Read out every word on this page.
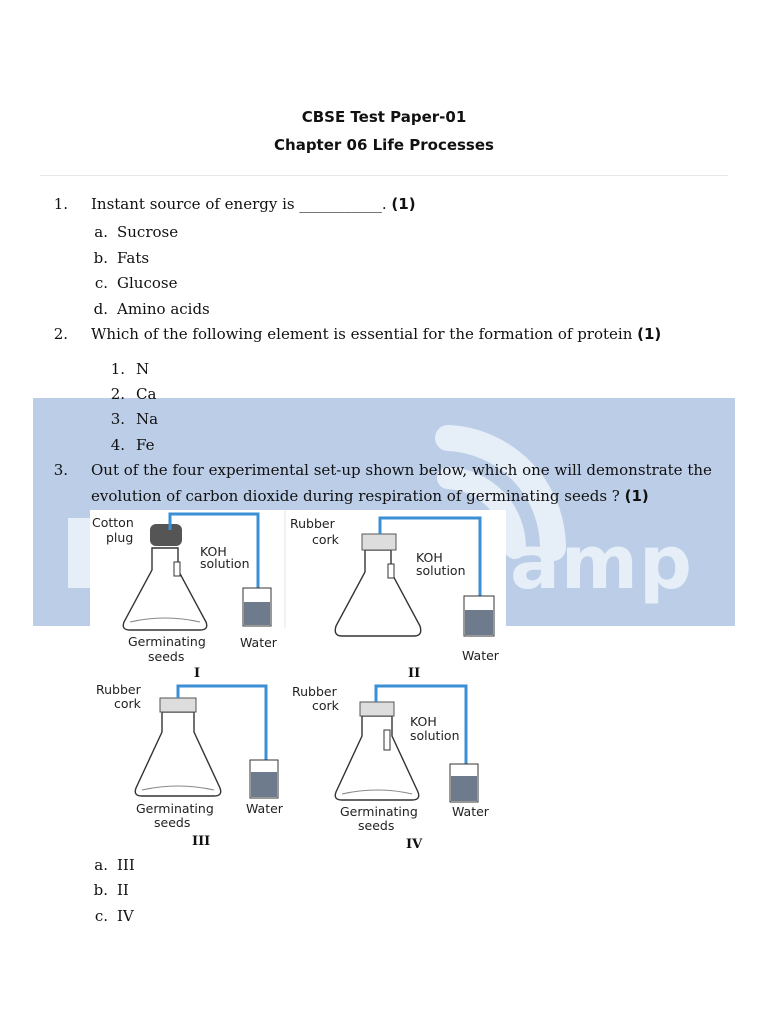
amp
CBSE Test Paper-01
Chapter 06 Life Processes
1. Instant source of energy is ___________. (1)
a. Sucrose
b. Fats
c. Glucose
d. Amino acids
2. Which of the following element is essential for the formation of protein (1)
1. N
2. Ca
3. Na
4. Fe
3. Out of the four experimental set-up shown below, which one will demonstrate the
evolution of carbon dioxide during respiration of germinating seeds ? (1)
Cotton
plug
KOH
solution
Germinating
seeds
Water
I
Rubber
cork
KOH
solution
Water
II
Rubber
cork
Germinating
seeds
Water
III
Rubber
cork
KOH
solution
Germinating
seeds
Water
IV
a. III
b. II
c. IV
